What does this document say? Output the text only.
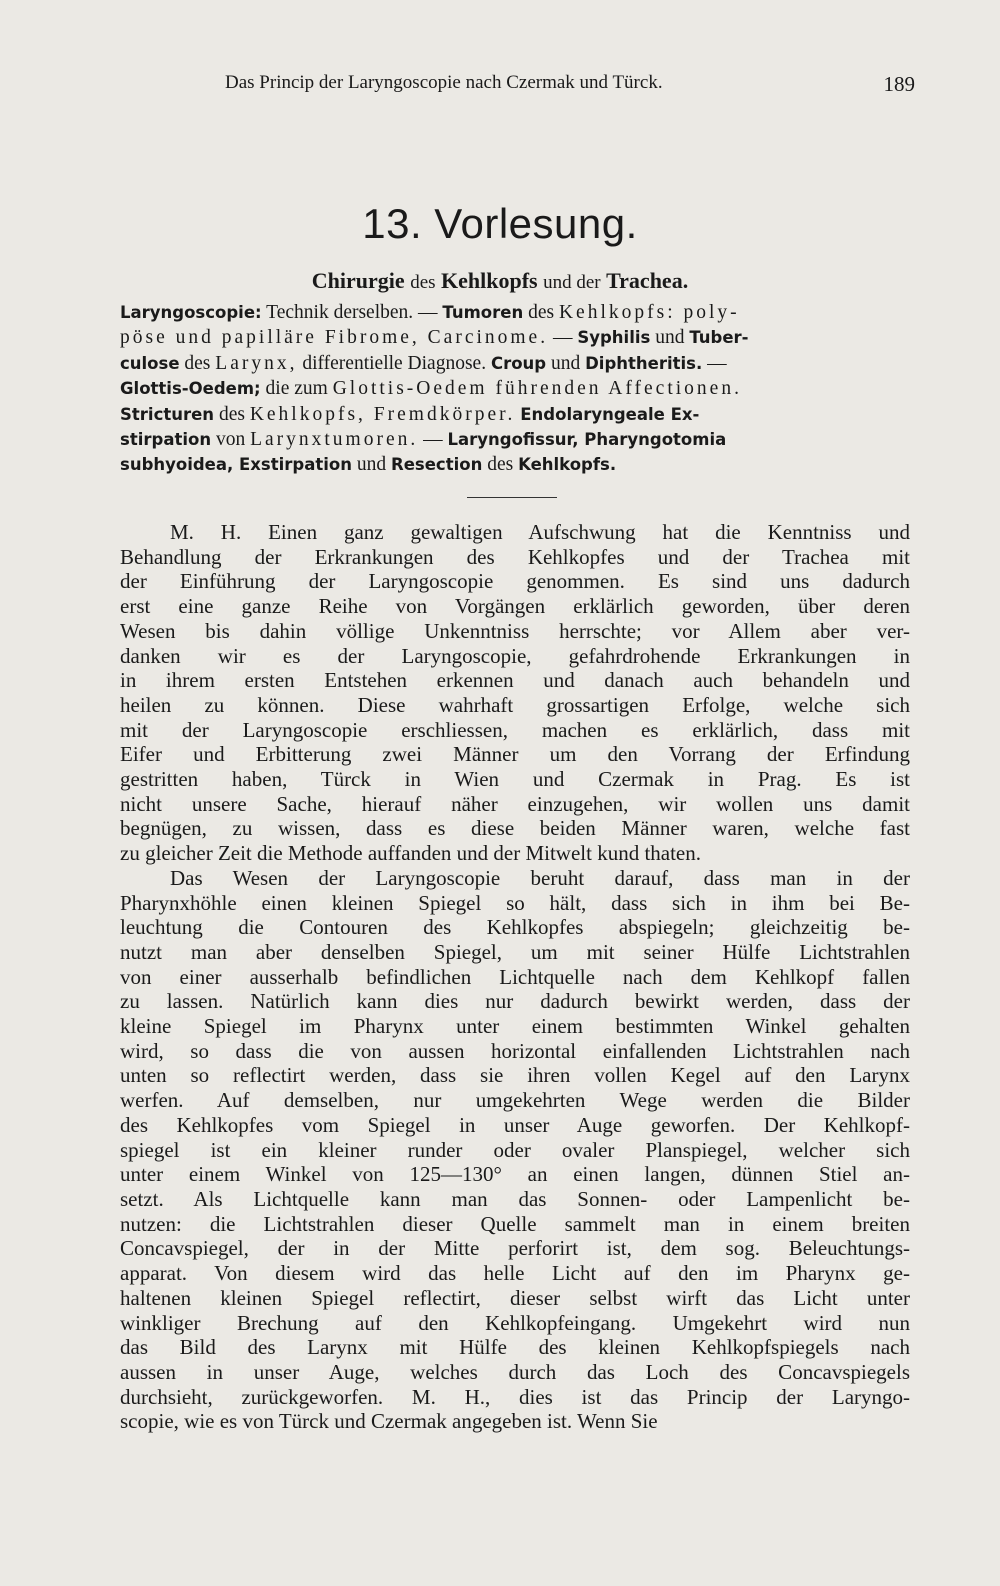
Das Princip der Laryngoscopie nach Czermak und Türck.	189
13. Vorlesung.
Chirurgie des Kehlkopfs und der Trachea.
Laryngoscopie: Technik derselben. — Tumoren des Kehlkopfs: poly-
pöse und papilläre Fibrome, Carcinome. — Syphilis und Tuber-
culose des Larynx, differentielle Diagnose. Croup und Diphtheritis. —
Glottis-Oedem; die zum Glottis-Oedem führenden Affectionen.
Stricturen des Kehlkopfs, Fremdkörper. Endolaryngeale Ex-
stirpation von Larynxtumoren. — Laryngofissur, Pharyngotomia
subhyoidea, Exstirpation und Resection des Kehlkopfs.
M. H. Einen ganz gewaltigen Aufschwung hat die Kenntniss und
Behandlung der Erkrankungen des Kehlkopfes und der Trachea mit
der Einführung der Laryngoscopie genommen. Es sind uns dadurch
erst eine ganze Reihe von Vorgängen erklärlich geworden, über deren
Wesen bis dahin völlige Unkenntniss herrschte; vor Allem aber ver-
danken wir es der Laryngoscopie, gefahrdrohende Erkrankungen in
in ihrem ersten Entstehen erkennen und danach auch behandeln und
heilen zu können. Diese wahrhaft grossartigen Erfolge, welche sich
mit der Laryngoscopie erschliessen, machen es erklärlich, dass mit
Eifer und Erbitterung zwei Männer um den Vorrang der Erfindung
gestritten haben, Türck in Wien und Czermak in Prag. Es ist
nicht unsere Sache, hierauf näher einzugehen, wir wollen uns damit
begnügen, zu wissen, dass es diese beiden Männer waren, welche fast
zu gleicher Zeit die Methode auffanden und der Mitwelt kund thaten.
Das Wesen der Laryngoscopie beruht darauf, dass man in der
Pharynxhöhle einen kleinen Spiegel so hält, dass sich in ihm bei Be-
leuchtung die Contouren des Kehlkopfes abspiegeln; gleichzeitig be-
nutzt man aber denselben Spiegel, um mit seiner Hülfe Lichtstrahlen
von einer ausserhalb befindlichen Lichtquelle nach dem Kehlkopf fallen
zu lassen. Natürlich kann dies nur dadurch bewirkt werden, dass der
kleine Spiegel im Pharynx unter einem bestimmten Winkel gehalten
wird, so dass die von aussen horizontal einfallenden Lichtstrahlen nach
unten so reflectirt werden, dass sie ihren vollen Kegel auf den Larynx
werfen. Auf demselben, nur umgekehrten Wege werden die Bilder
des Kehlkopfes vom Spiegel in unser Auge geworfen. Der Kehlkopf-
spiegel ist ein kleiner runder oder ovaler Planspiegel, welcher sich
unter einem Winkel von 125—130° an einen langen, dünnen Stiel an-
setzt. Als Lichtquelle kann man das Sonnen- oder Lampenlicht be-
nutzen: die Lichtstrahlen dieser Quelle sammelt man in einem breiten
Concavspiegel, der in der Mitte perforirt ist, dem sog. Beleuchtungs-
apparat. Von diesem wird das helle Licht auf den im Pharynx ge-
haltenen kleinen Spiegel reflectirt, dieser selbst wirft das Licht unter
winkliger Brechung auf den Kehlkopfeingang. Umgekehrt wird nun
das Bild des Larynx mit Hülfe des kleinen Kehlkopfspiegels nach
aussen in unser Auge, welches durch das Loch des Concavspiegels
durchsieht, zurückgeworfen. M. H., dies ist das Princip der Laryngo-
scopie, wie es von Türck und Czermak angegeben ist. Wenn Sie
